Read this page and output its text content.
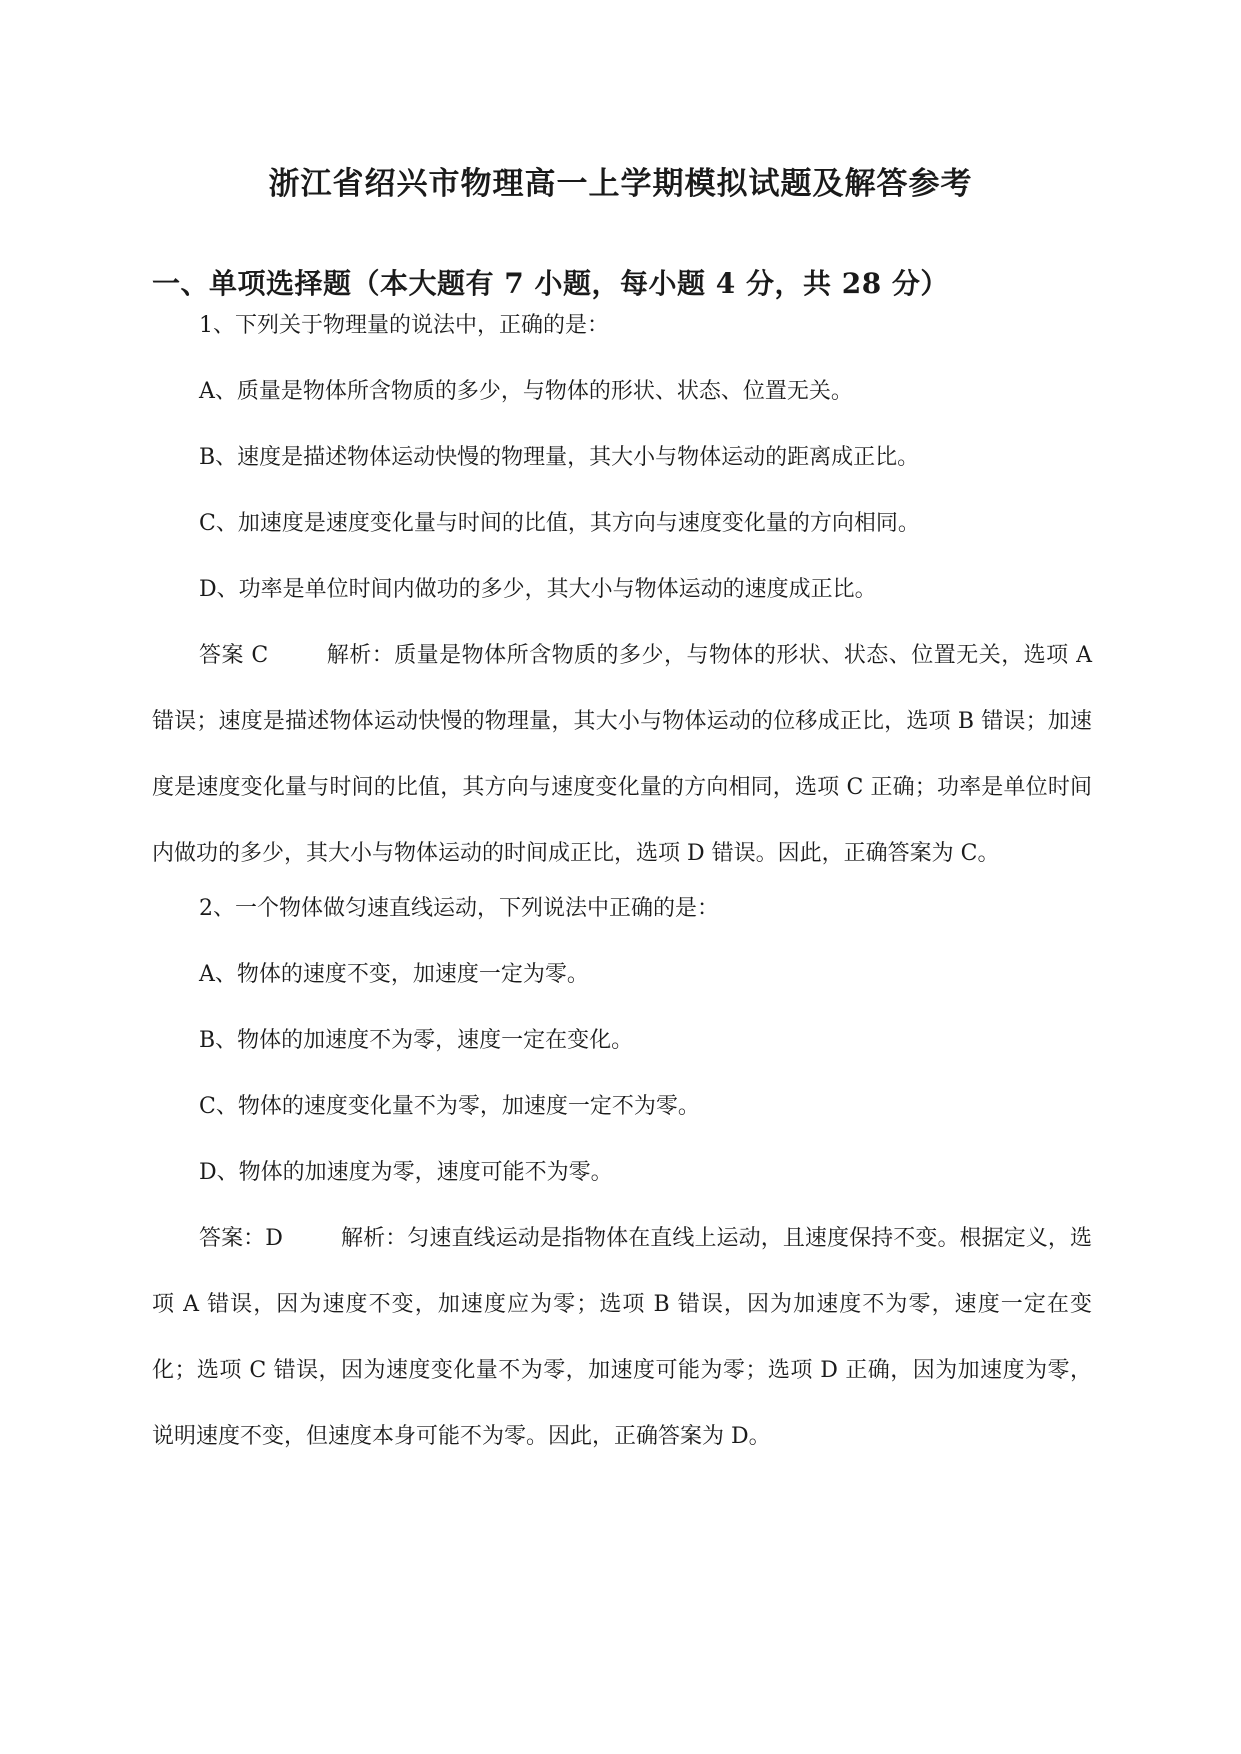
浙江省绍兴市物理高一上学期模拟试题及解答参考
一、单项选择题（本大题有 7 小题，每小题 4 分，共 28 分）
1、下列关于物理量的说法中，正确的是：
A、质量是物体所含物质的多少，与物体的形状、状态、位置无关。
B、速度是描述物体运动快慢的物理量，其大小与物体运动的距离成正比。
C、加速度是速度变化量与时间的比值，其方向与速度变化量的方向相同。
D、功率是单位时间内做功的多少，其大小与物体运动的速度成正比。
答案 C	解析：质量是物体所含物质的多少，与物体的形状、状态、位置无关，选项 A 错误；速度是描述物体运动快慢的物理量，其大小与物体运动的位移成正比，选项 B 错误；加速度是速度变化量与时间的比值，其方向与速度变化量的方向相同，选项 C 正确；功率是单位时间内做功的多少，其大小与物体运动的时间成正比，选项 D 错误。因此，正确答案为 C。
2、一个物体做匀速直线运动，下列说法中正确的是：
A、物体的速度不变，加速度一定为零。
B、物体的加速度不为零，速度一定在变化。
C、物体的速度变化量不为零，加速度一定不为零。
D、物体的加速度为零，速度可能不为零。
答案：D	解析：匀速直线运动是指物体在直线上运动，且速度保持不变。根据定义，选项 A 错误，因为速度不变，加速度应为零；选项 B 错误，因为加速度不为零，速度一定在变化；选项 C 错误，因为速度变化量不为零，加速度可能为零；选项 D 正确，因为加速度为零，说明速度不变，但速度本身可能不为零。因此，正确答案为 D。
